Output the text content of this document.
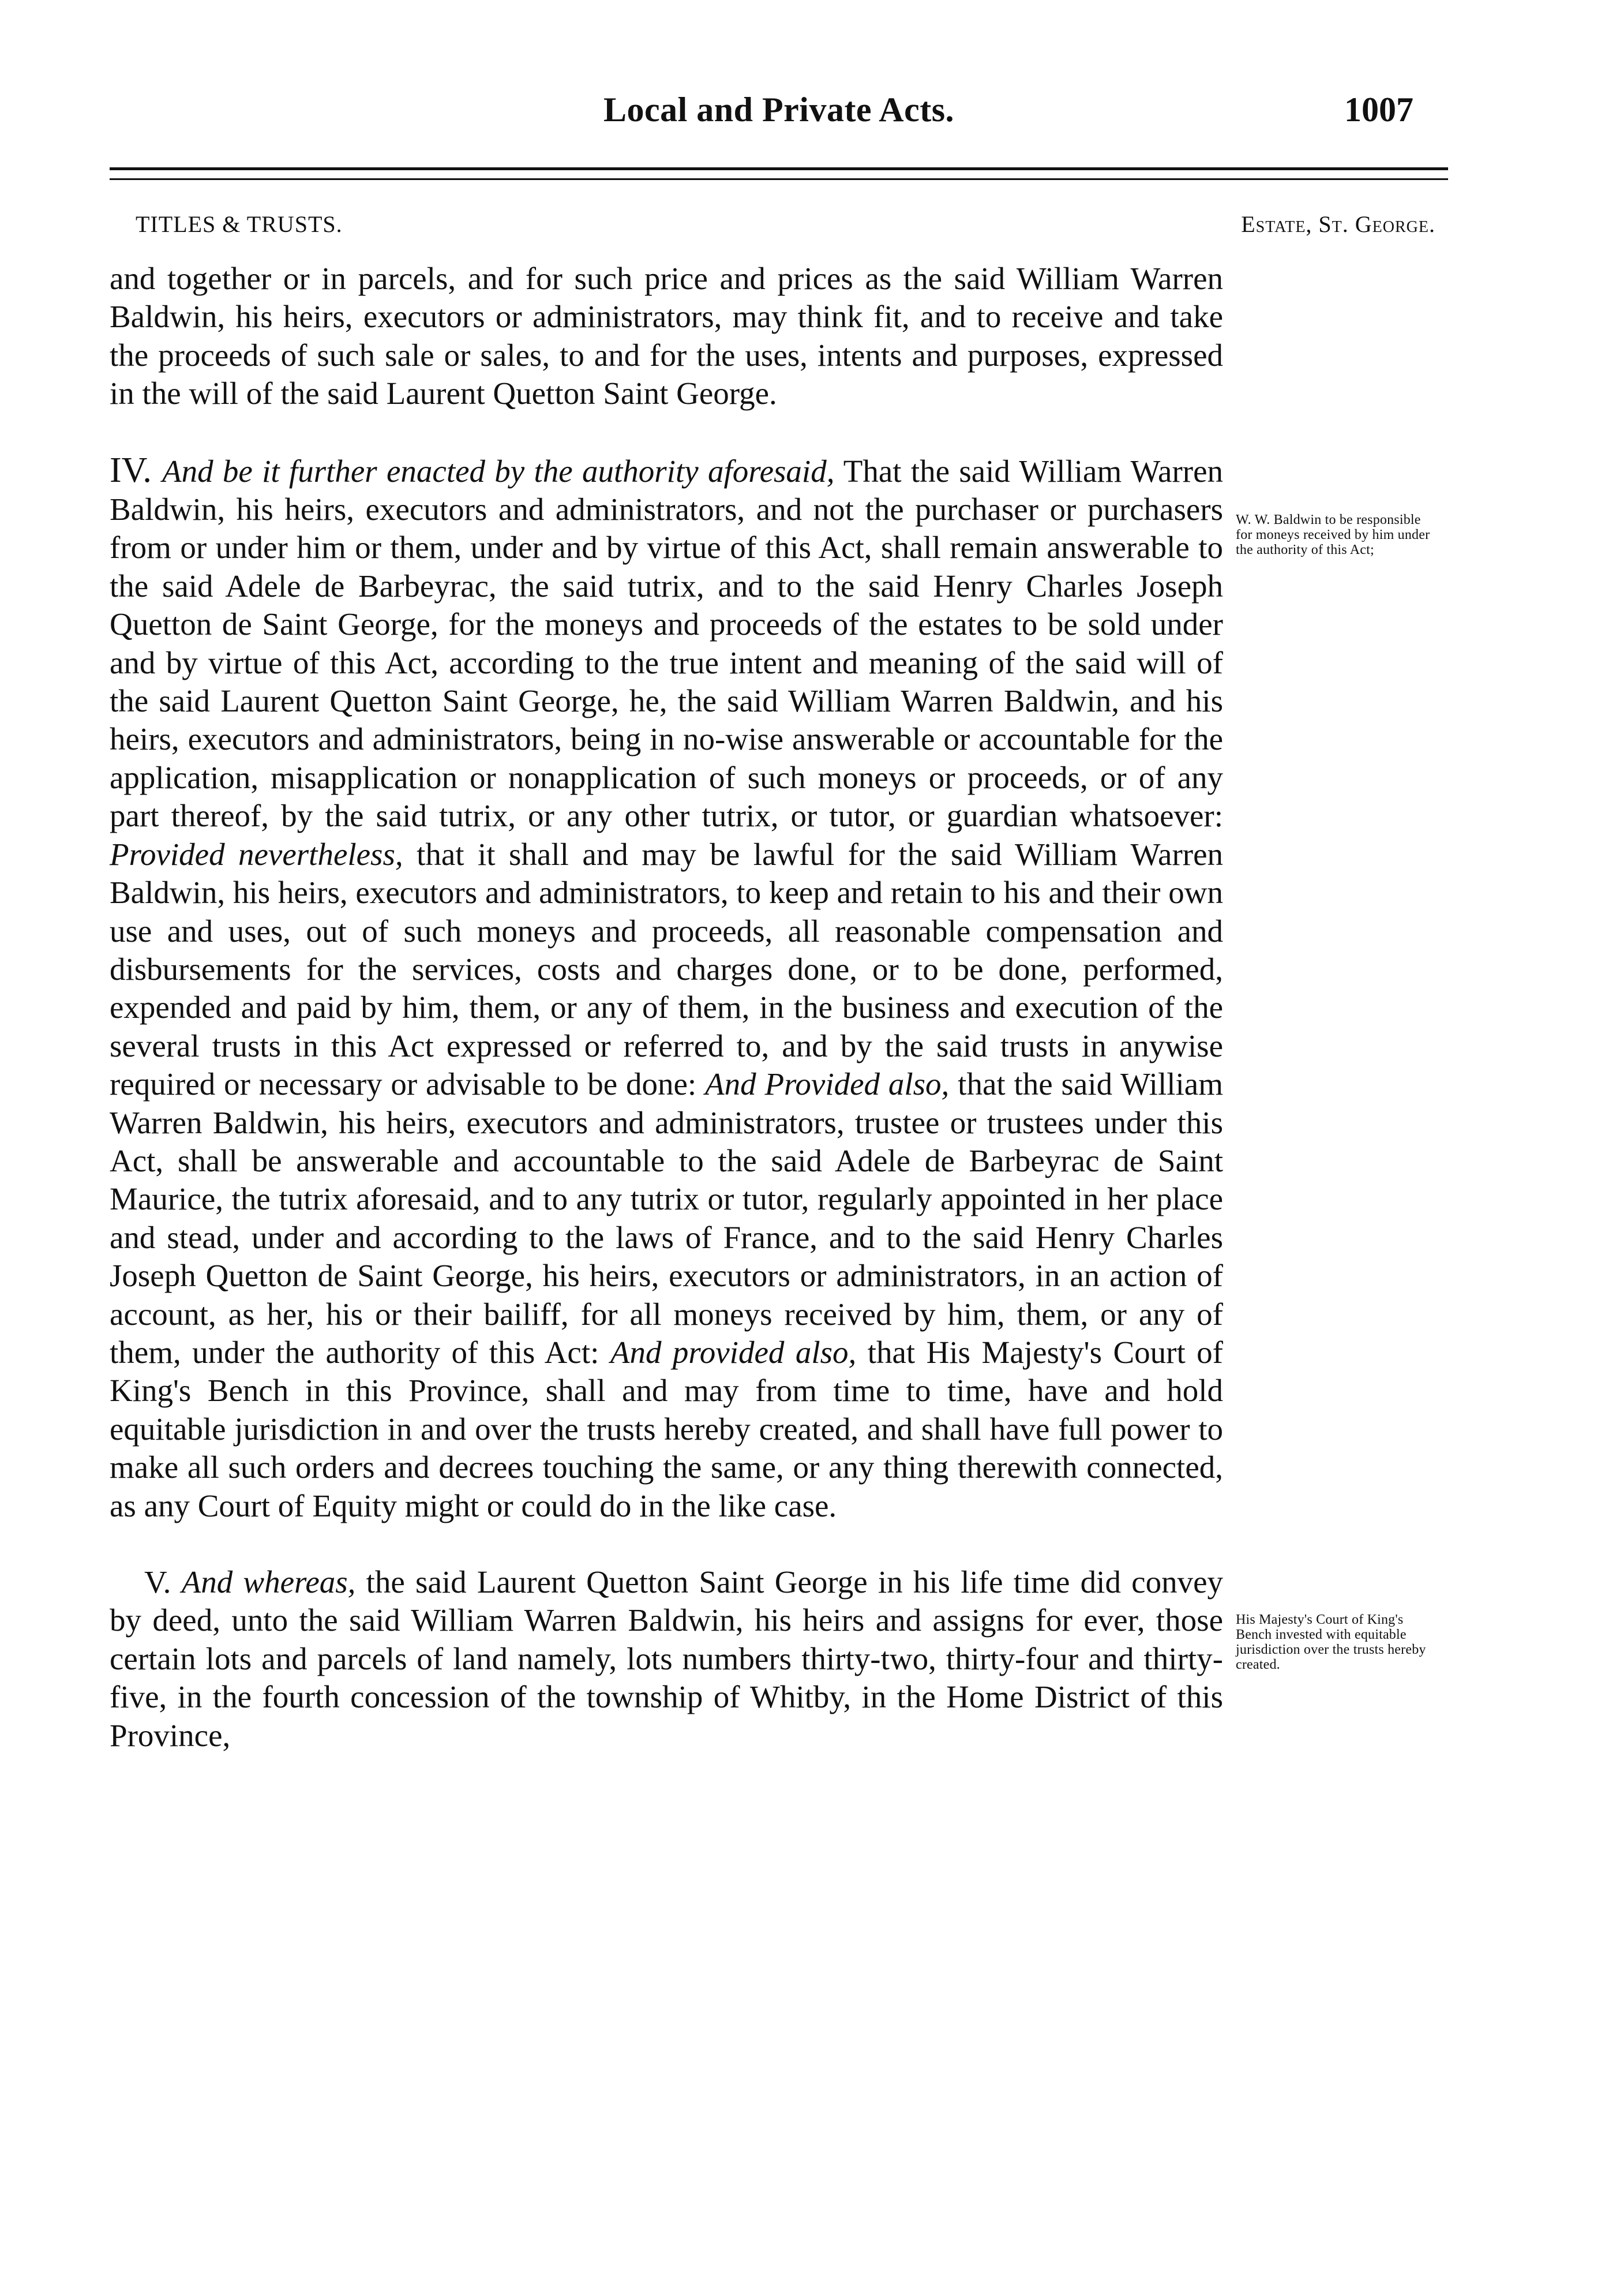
Local and Private Acts.	1007
TITLES & TRUSTS.	Estate, St. George.

and together or in parcels, and for such price and prices as the said William Warren Baldwin, his heirs, executors or administrators, may think fit, and to receive and take the proceeds of such sale or sales, to and for the uses, intents and purposes, expressed in the will of the said Laurent Quetton Saint George.

IV. And be it further enacted by the authority aforesaid, That the said William Warren Baldwin, his heirs, executors and administrators, and not the purchaser or purchasers from or under him or them, under and by virtue of this Act, shall remain answerable to the said Adele de Barbeyrac, the said tutrix, and to the said Henry Charles Joseph Quetton de Saint George, for the moneys and proceeds of the estates to be sold under and by virtue of this Act, according to the true intent and meaning of the said will of the said Laurent Quetton Saint George, he, the said William Warren Baldwin, and his heirs, executors and administrators, being in no-wise answerable or accountable for the application, misapplication or nonapplication of such moneys or proceeds, or of any part thereof, by the said tutrix, or any other tutrix, or tutor, or guardian whatsoever: Provided nevertheless, that it shall and may be lawful for the said William Warren Baldwin, his heirs, executors and administrators, to keep and retain to his and their own use and uses, out of such moneys and proceeds, all reasonable compensation and disbursements for the services, costs and charges done, or to be done, performed, expended and paid by him, them, or any of them, in the business and execution of the several trusts in this Act expressed or referred to, and by the said trusts in anywise required or necessary or advisable to be done: And Provided also, that the said William Warren Baldwin, his heirs, executors and administrators, trustee or trustees under this Act, shall be answerable and accountable to the said Adele de Barbeyrac de Saint Maurice, the tutrix aforesaid, and to any tutrix or tutor, regularly appointed in her place and stead, under and according to the laws of France, and to the said Henry Charles Joseph Quetton de Saint George, his heirs, executors or administrators, in an action of account, as her, his or their bailiff, for all moneys received by him, them, or any of them, under the authority of this Act: And provided also, that His Majesty's Court of King's Bench in this Province, shall and may from time to time, have and hold equitable jurisdiction in and over the trusts hereby created, and shall have full power to make all such orders and decrees touching the same, or any thing therewith connected, as any Court of Equity might or could do in the like case.

V. And whereas, the said Laurent Quetton Saint George in his life time did convey by deed, unto the said William Warren Baldwin, his heirs and assigns for ever, those certain lots and parcels of land namely, lots numbers thirty-two, thirty-four and thirty-five, in the fourth concession of the township of Whitby, in the Home District of this Province,

W. W. Baldwin to be responsible for moneys received by him under the authority of this Act;
His Majesty's Court of King's Bench invested with equitable jurisdiction over the trusts hereby created.
